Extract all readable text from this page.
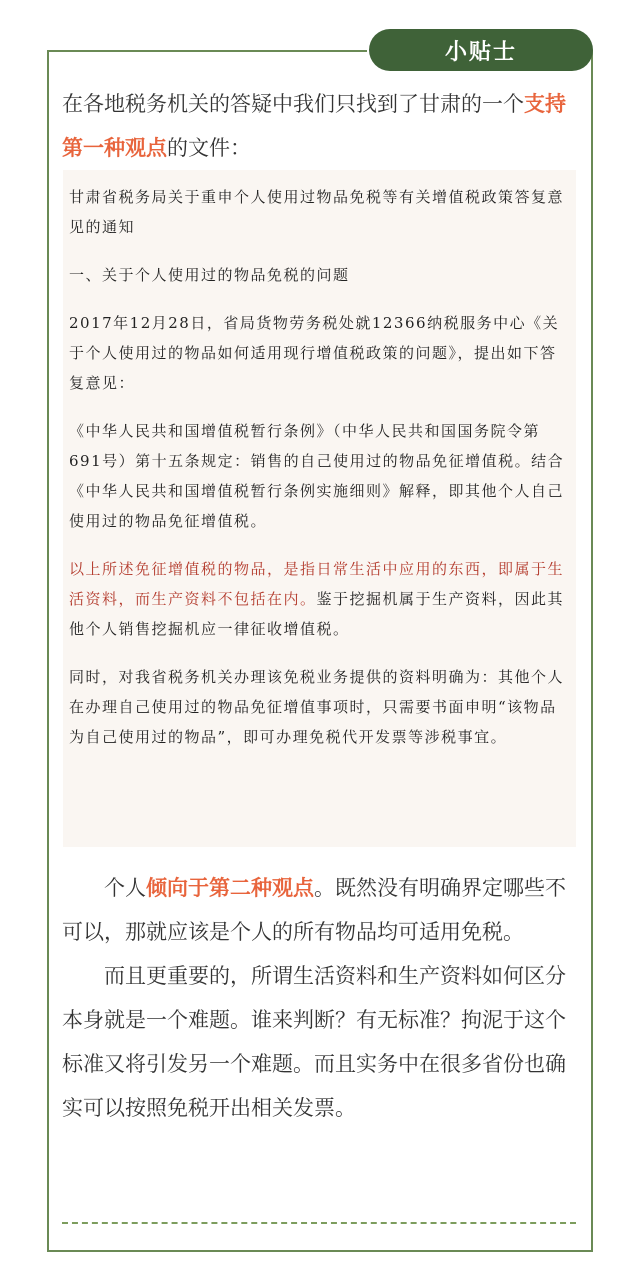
小贴士
在各地税务机关的答疑中我们只找到了甘肃的一个支持第一种观点的文件：

甘肃省税务局关于重申个人使用过物品免税等有关增值税政策答复意见的通知

一、关于个人使用过的物品免税的问题

2017年12月28日，省局货物劳务税处就12366纳税服务中心《关于个人使用过的物品如何适用现行增值税政策的问题》，提出如下答复意见：

《中华人民共和国增值税暂行条例》（中华人民共和国国务院令第691号）第十五条规定：销售的自己使用过的物品免征增值税。结合《中华人民共和国增值税暂行条例实施细则》解释，即其他个人自己使用过的物品免征增值税。

以上所述免征增值税的物品，是指日常生活中应用的东西，即属于生活资料，而生产资料不包括在内。鉴于挖掘机属于生产资料，因此其他个人销售挖掘机应一律征收增值税。

同时，对我省税务机关办理该免税业务提供的资料明确为：其他个人在办理自己使用过的物品免征增值事项时，只需要书面申明“该物品为自己使用过的物品”，即可办理免税代开发票等涉税事宜。

个人倾向于第二种观点。既然没有明确界定哪些不可以，那就应该是个人的所有物品均可适用免税。

而且更重要的，所谓生活资料和生产资料如何区分本身就是一个难题。谁来判断？有无标准？拘泥于这个标准又将引发另一个难题。而且实务中在很多省份也确实可以按照免税开出相关发票。
